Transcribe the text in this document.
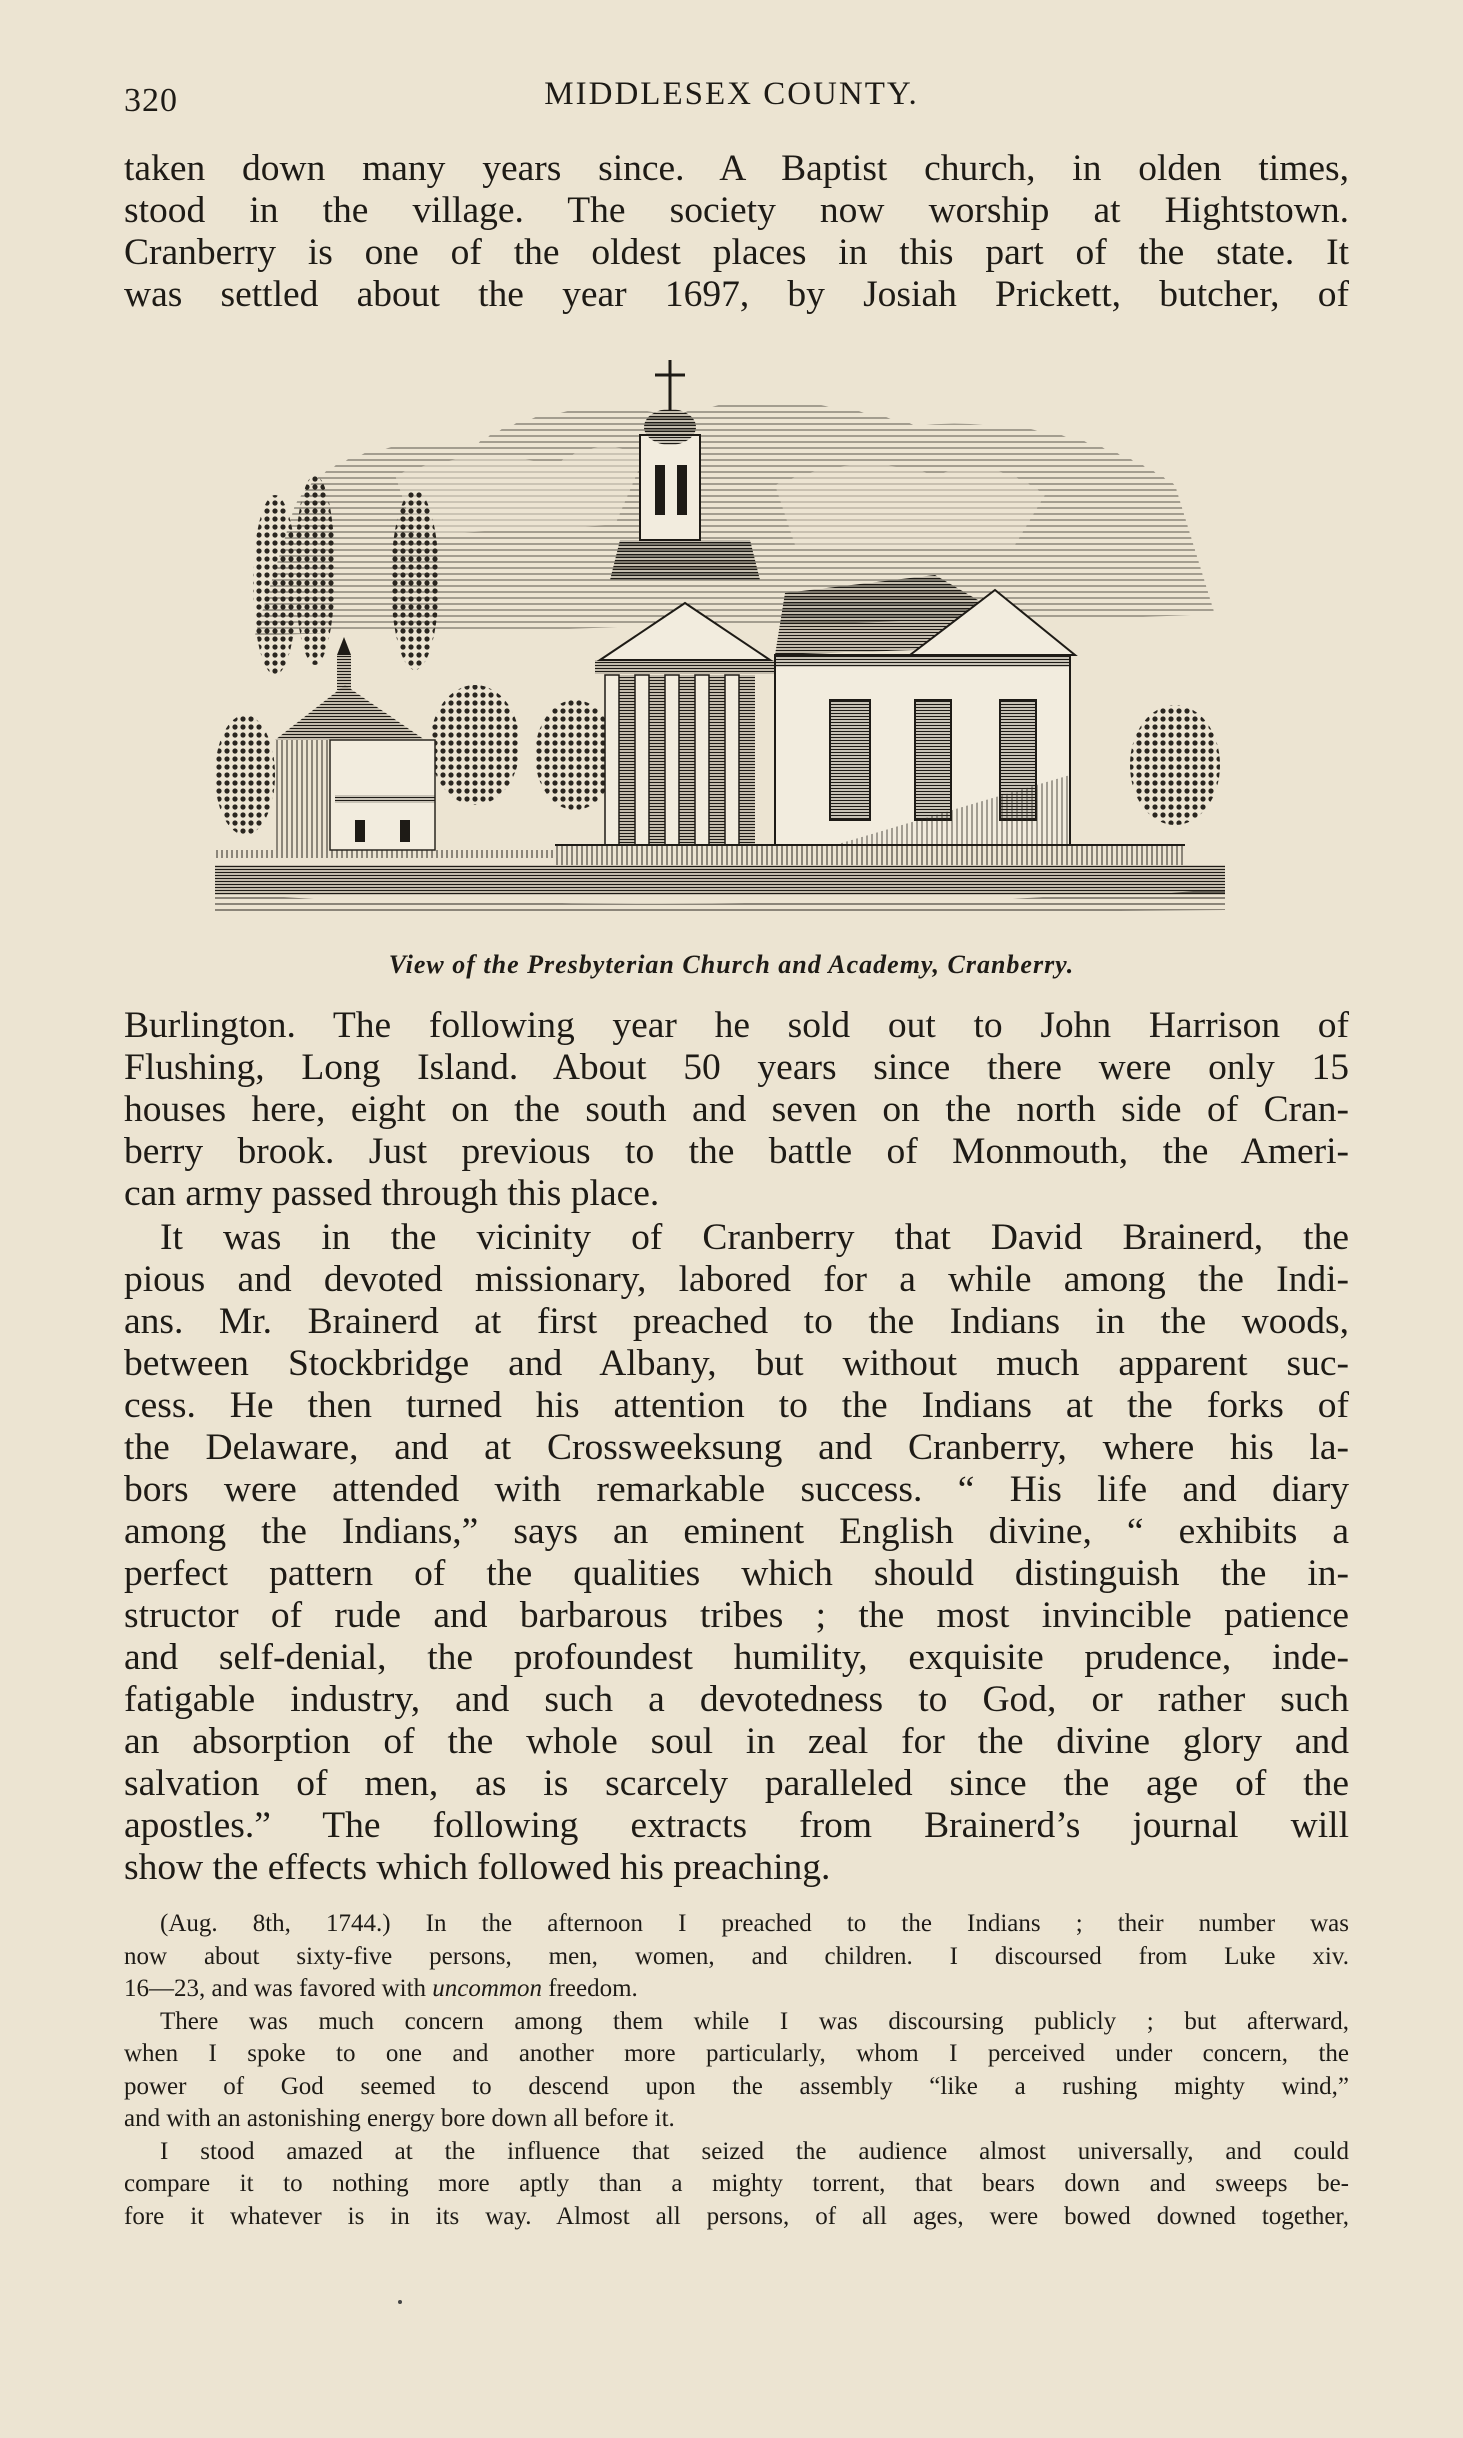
320	MIDDLESEX COUNTY.
taken down many years since. A Baptist church, in olden times,
stood in the village. The society now worship at Hightstown.
Cranberry is one of the oldest places in this part of the state. It
was settled about the year 1697, by Josiah Prickett, butcher, of
View of the Presbyterian Church and Academy, Cranberry.
Burlington. The following year he sold out to John Harrison of
Flushing, Long Island. About 50 years since there were only 15
houses here, eight on the south and seven on the north side of Cran-
berry brook. Just previous to the battle of Monmouth, the Ameri-
can army passed through this place.
It was in the vicinity of Cranberry that David Brainerd, the
pious and devoted missionary, labored for a while among the Indi-
ans. Mr. Brainerd at first preached to the Indians in the woods,
between Stockbridge and Albany, but without much apparent suc-
cess. He then turned his attention to the Indians at the forks of
the Delaware, and at Crossweeksung and Cranberry, where his la-
bors were attended with remarkable success. “ His life and diary
among the Indians,” says an eminent English divine, “ exhibits a
perfect pattern of the qualities which should distinguish the in-
structor of rude and barbarous tribes ; the most invincible patience
and self-denial, the profoundest humility, exquisite prudence, inde-
fatigable industry, and such a devotedness to God, or rather such
an absorption of the whole soul in zeal for the divine glory and
salvation of men, as is scarcely paralleled since the age of the
apostles.” The following extracts from Brainerd’s journal will
show the effects which followed his preaching.
(Aug. 8th, 1744.) In the afternoon I preached to the Indians ; their number was
now about sixty-five persons, men, women, and children. I discoursed from Luke xiv.
16—23, and was favored with uncommon freedom.
There was much concern among them while I was discoursing publicly ; but afterward,
when I spoke to one and another more particularly, whom I perceived under concern, the
power of God seemed to descend upon the assembly “like a rushing mighty wind,”
and with an astonishing energy bore down all before it.
I stood amazed at the influence that seized the audience almost universally, and could
compare it to nothing more aptly than a mighty torrent, that bears down and sweeps be-
fore it whatever is in its way. Almost all persons, of all ages, were bowed downed together,
